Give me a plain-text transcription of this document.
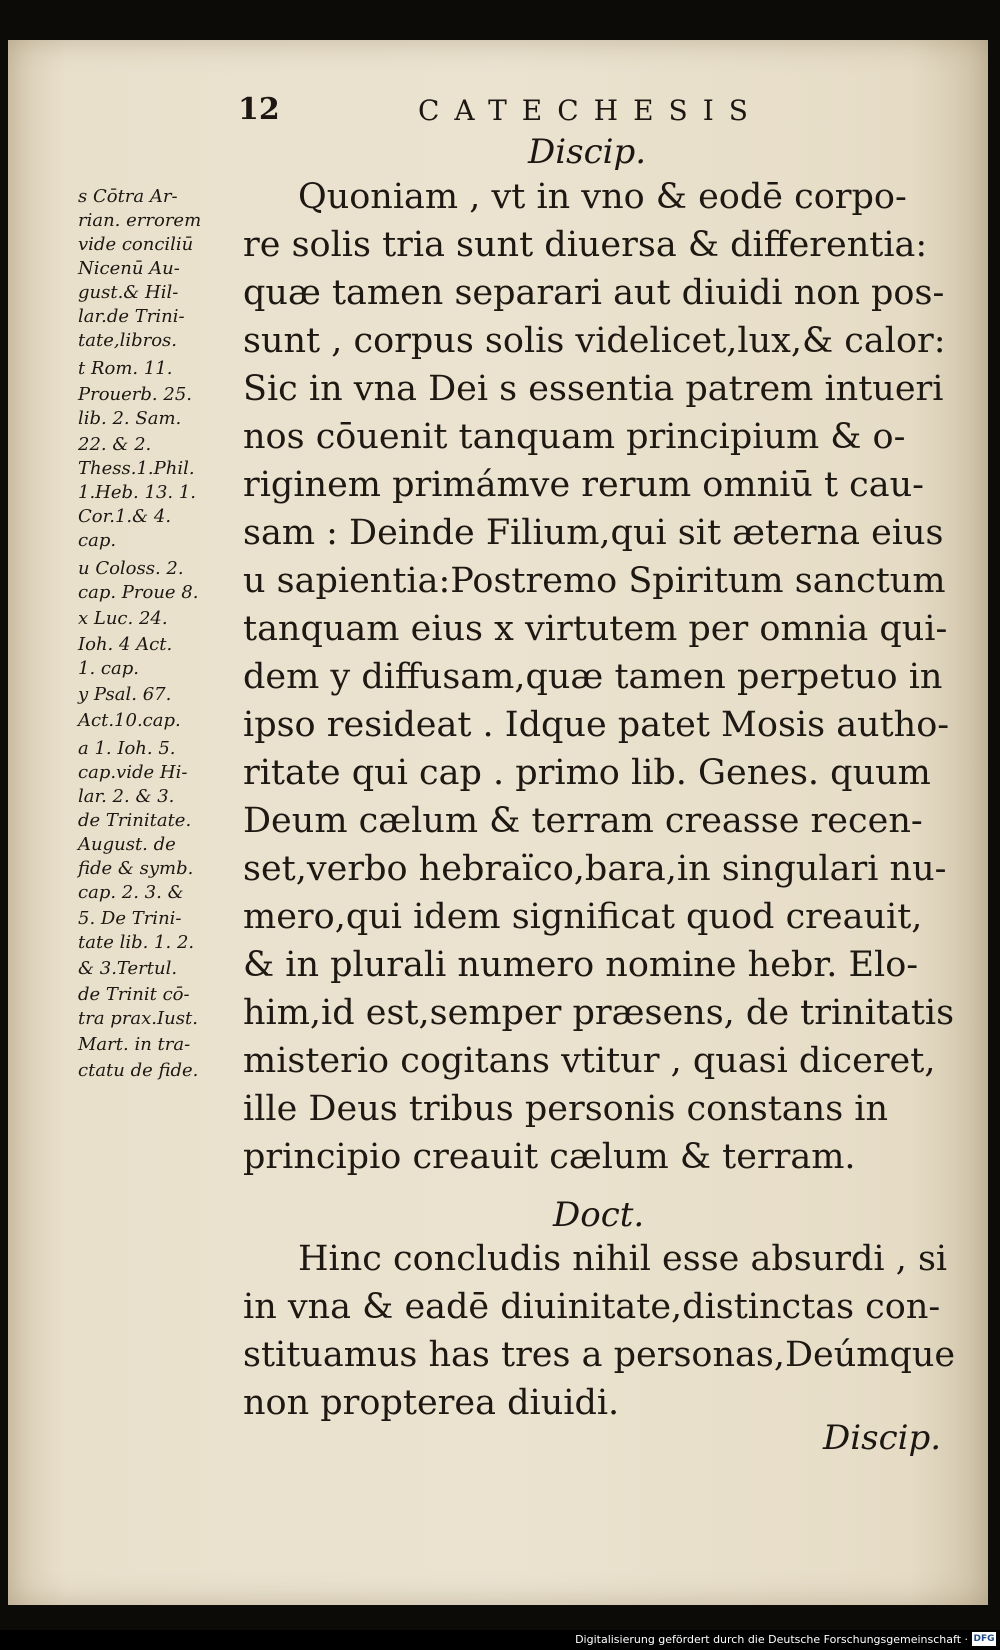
12	CATECHESIS
Discip.
s Cōtra Ar-
rian. errorem
vide conciliū
Nicenū Au-
gust.& Hil-
lar.de Trini-
tate,libros.
t Rom. 11.
Prouerb. 25.
lib. 2. Sam.
22. & 2.
Thess.1.Phil.
1.Heb. 13. 1.
Cor.1.& 4.
cap.
u Coloss. 2.
cap. Proue 8.
x Luc. 24.
Ioh. 4 Act.
1. cap.
y Psal. 67.
Act.10.cap.
a 1. Ioh. 5.
cap.vide Hi-
lar. 2. & 3.
de Trinitate.
August. de
fide & symb.
cap. 2. 3. &
5. De Trini-
tate lib. 1. 2.
& 3.Tertul.
de Trinit cō-
tra prax.Iust.
Mart. in tra-
ctatu de fide.
Quoniam , vt in vno & eodē corpo-
re solis tria sunt diuersa & differentia:
quæ tamen separari aut diuidi non pos-
sunt , corpus solis videlicet,lux,& calor:
Sic in vna Dei s essentia patrem intueri
nos cōuenit tanquam principium & o-
riginem primámve rerum omniū t cau-
sam : Deinde Filium,qui sit æterna eius
u sapientia:Postremo Spiritum sanctum
tanquam eius x virtutem per omnia qui-
dem y diffusam,quæ tamen perpetuo in
ipso resideat . Idque patet Mosis autho-
ritate qui cap . primo lib. Genes. quum
Deum cælum & terram creasse recen-
set,verbo hebraïco,bara,in singulari nu-
mero,qui idem significat quod creauit,
& in plurali numero nomine hebr. Elo-
him,id est,semper præsens, de trinitatis
misterio cogitans vtitur , quasi diceret,
ille Deus tribus personis constans in
principio creauit cælum & terram.
Hinc concludis nihil esse absurdi , si
in vna & eadē diuinitate,distinctas con-
stituamus has tres a personas,Deúmque
non propterea diuidi.
Doct.
Discip.
Digitalisierung gefördert durch die Deutsche Forschungsgemeinschaft · DFG
